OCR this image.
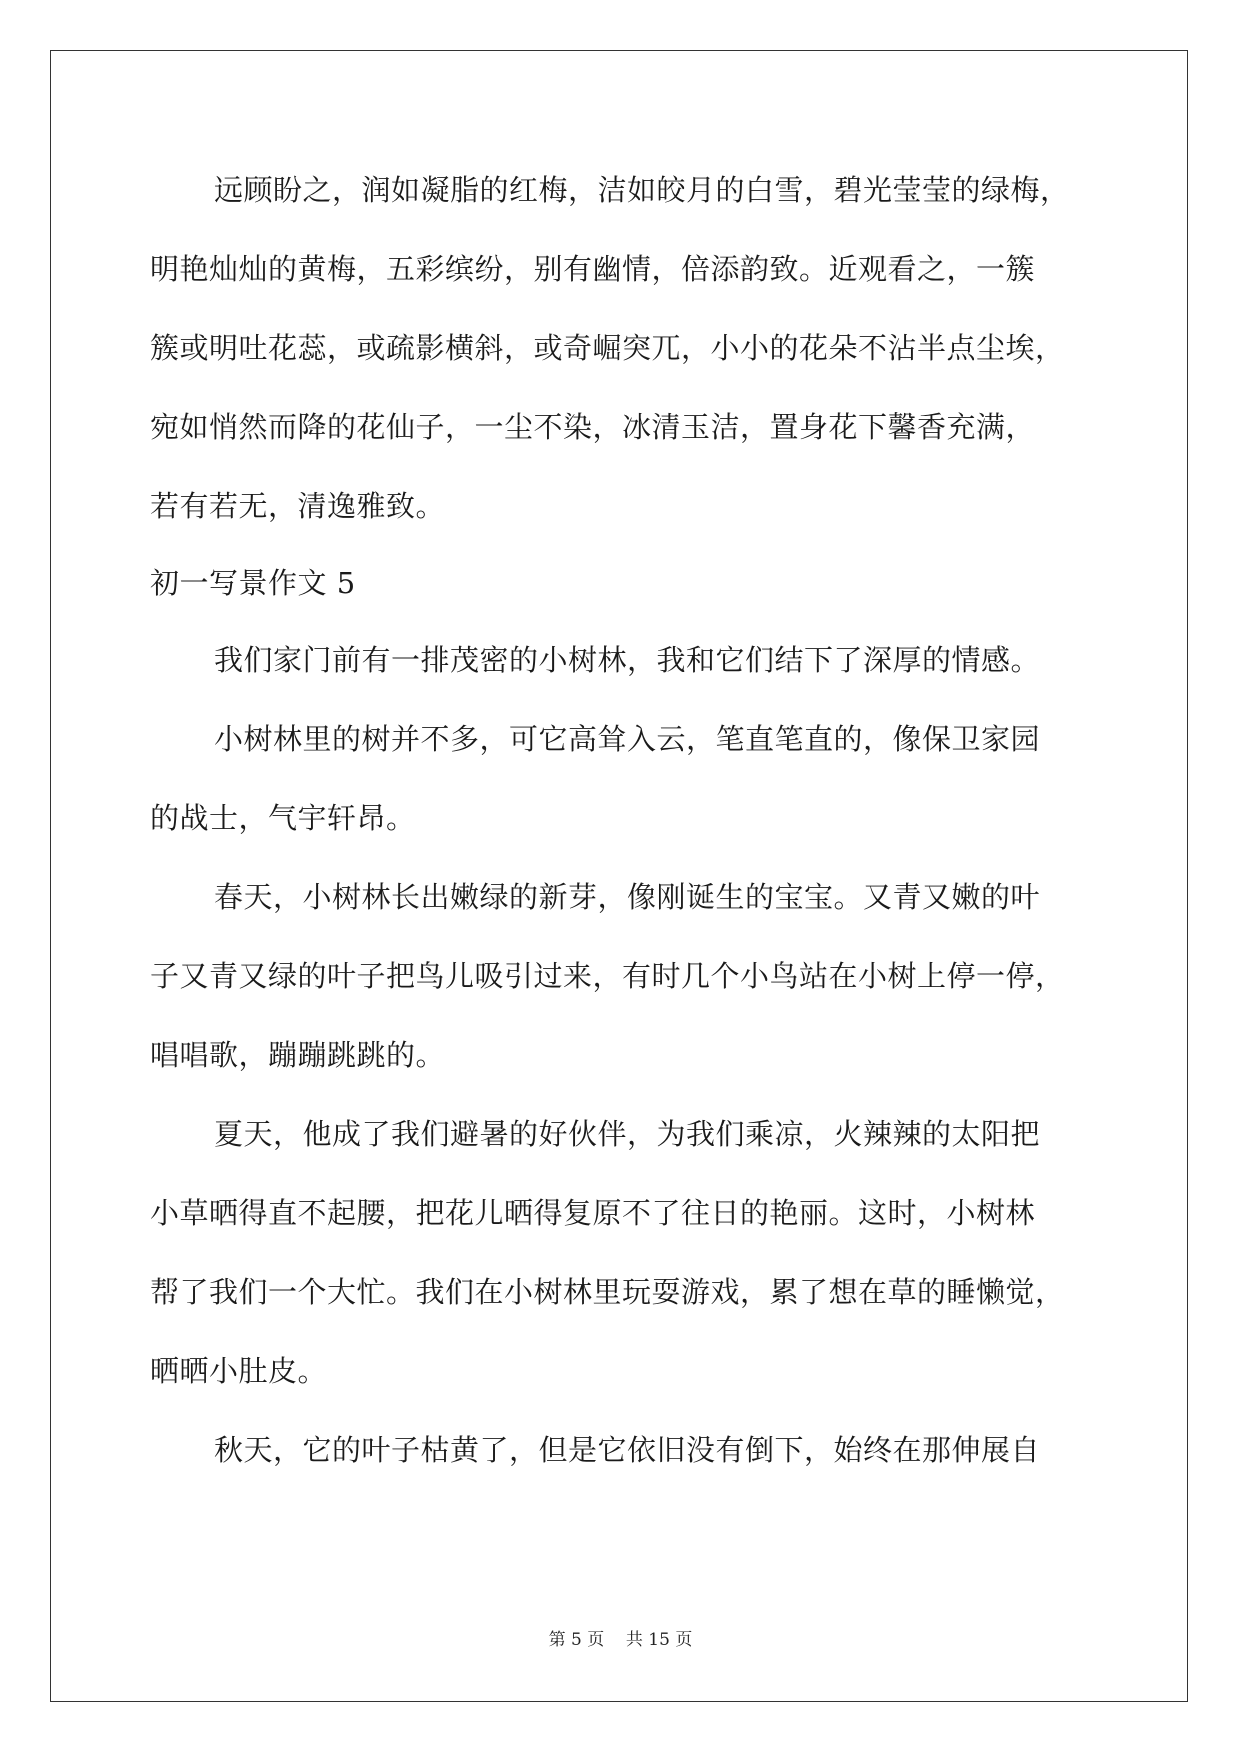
远顾盼之，润如凝脂的红梅，洁如皎月的白雪，碧光莹莹的绿梅，
明艳灿灿的黄梅，五彩缤纷，别有幽情，倍添韵致。近观看之，一簇
簇或明吐花蕊，或疏影横斜，或奇崛突兀，小小的花朵不沾半点尘埃，
宛如悄然而降的花仙子，一尘不染，冰清玉洁，置身花下馨香充满，
若有若无，清逸雅致。
初一写景作文 5
我们家门前有一排茂密的小树林，我和它们结下了深厚的情感。
小树林里的树并不多，可它高耸入云，笔直笔直的，像保卫家园
的战士，气宇轩昂。
春天，小树林长出嫩绿的新芽，像刚诞生的宝宝。又青又嫩的叶
子又青又绿的叶子把鸟儿吸引过来，有时几个小鸟站在小树上停一停，
唱唱歌，蹦蹦跳跳的。
夏天，他成了我们避暑的好伙伴，为我们乘凉，火辣辣的太阳把
小草晒得直不起腰，把花儿晒得复原不了往日的艳丽。这时，小树林
帮了我们一个大忙。我们在小树林里玩耍游戏，累了想在草的睡懒觉，
晒晒小肚皮。
秋天，它的叶子枯黄了，但是它依旧没有倒下，始终在那伸展自
第 5 页    共 15 页
